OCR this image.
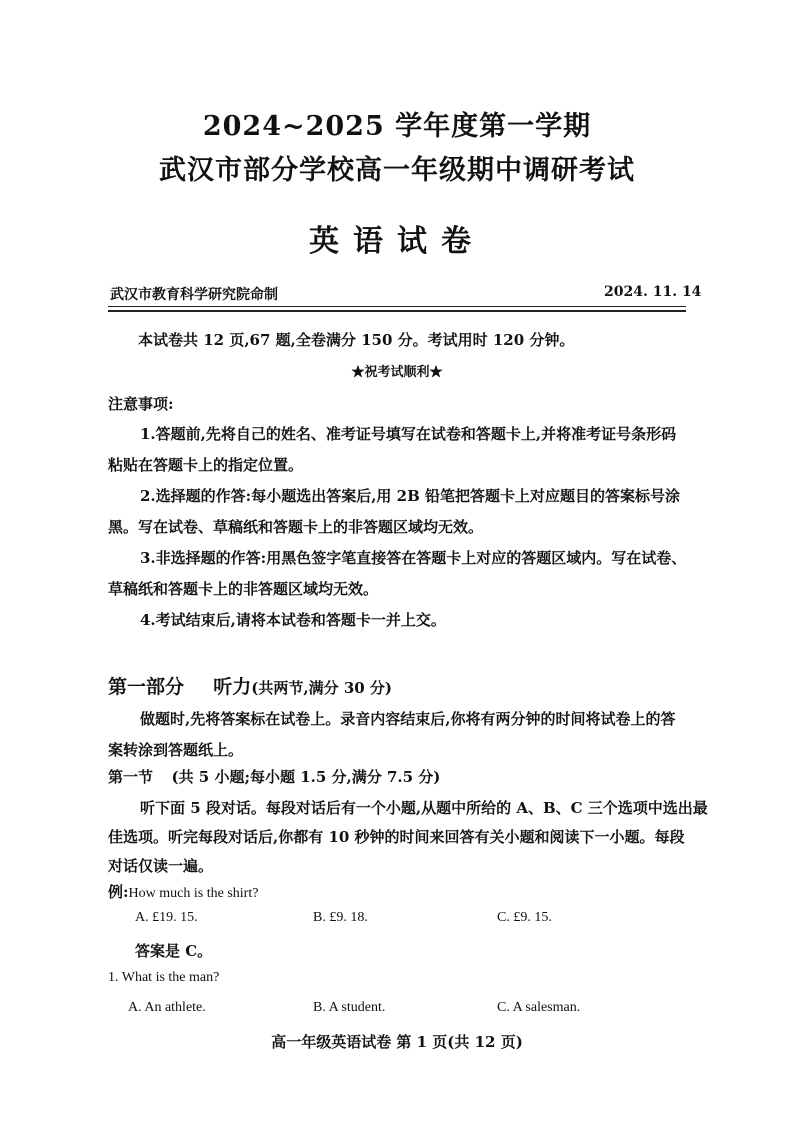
2024~2025 学年度第一学期
武汉市部分学校高一年级期中调研考试
英语试卷
武汉市教育科学研究院命制	2024. 11. 14
本试卷共 12 页,67 题,全卷满分 150 分。考试用时 120 分钟。
★祝考试顺利★
注意事项:
1.答题前,先将自己的姓名、准考证号填写在试卷和答题卡上,并将准考证号条形码
粘贴在答题卡上的指定位置。
2.选择题的作答:每小题选出答案后,用 2B 铅笔把答题卡上对应题目的答案标号涂
黑。写在试卷、草稿纸和答题卡上的非答题区域均无效。
3.非选择题的作答:用黑色签字笔直接答在答题卡上对应的答题区域内。写在试卷、
草稿纸和答题卡上的非答题区域均无效。
4.考试结束后,请将本试卷和答题卡一并上交。
第一部分 听力(共两节,满分 30 分)
做题时,先将答案标在试卷上。录音内容结束后,你将有两分钟的时间将试卷上的答
案转涂到答题纸上。
第一节 (共 5 小题;每小题 1.5 分,满分 7.5 分)
听下面 5 段对话。每段对话后有一个小题,从题中所给的 A、B、C 三个选项中选出最
佳选项。听完每段对话后,你都有 10 秒钟的时间来回答有关小题和阅读下一小题。每段
对话仅读一遍。
例:How much is the shirt?
A. £19. 15.	B. £9. 18.	C. £9. 15.
答案是 C。
1. What is the man?
A. An athlete.	B. A student.	C. A salesman.
高一年级英语试卷 第 1 页(共 12 页)
